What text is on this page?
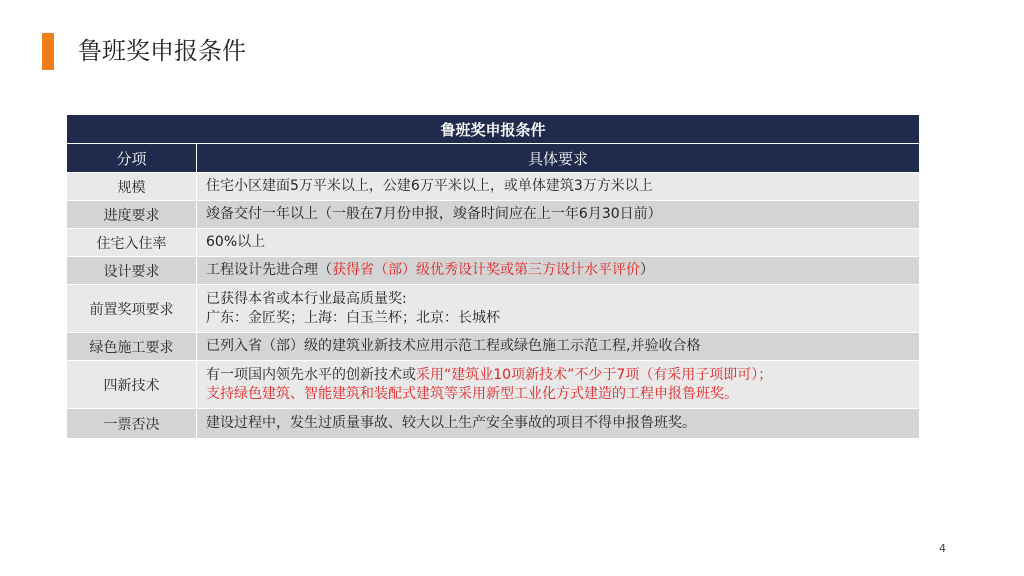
鲁班奖申报条件
鲁班奖申报条件	
分项	具体要求
规模	住宅小区建面5万平米以上，公建6万平米以上，或单体建筑3万方米以上
进度要求	竣备交付一年以上（一般在7月份申报，竣备时间应在上一年6月30日前）
住宅入住率	60%以上
设计要求	工程设计先进合理（获得省（部）级优秀设计奖或第三方设计水平评价）
前置奖项要求	已获得本省或本行业最高质量奖:
广东：金匠奖；上海：白玉兰杯；北京：长城杯

绿色施工要求	已列入省（部）级的建筑业新技术应用示范工程或绿色施工示范工程,并验收合格
四新技术	有一项国内领先水平的创新技术或采用“建筑业10项新技术”不少于7项（有采用子项即可）；
支持绿色建筑、智能建筑和装配式建筑等采用新型工业化方式建造的工程申报鲁班奖。

一票否决	建设过程中，发生过质量事故、较大以上生产安全事故的项目不得申报鲁班奖。
4
